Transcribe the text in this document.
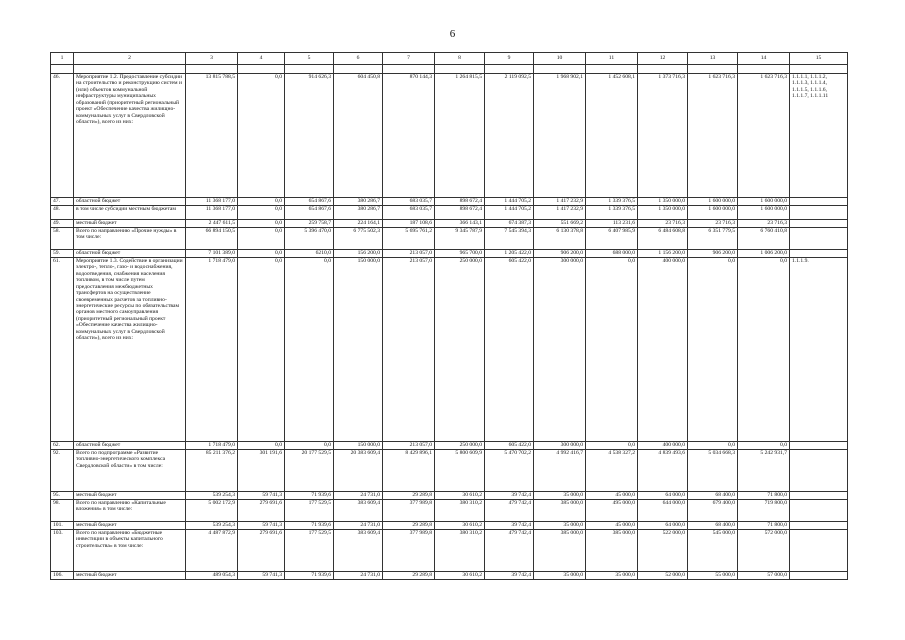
6
1	2	3	4	5	6	7	8	9	10	11	12	13	14	15

46.	Мероприятие 1.2. Предоставление субсидии на строительство и реконструкцию систем и (или) объектов коммунальной инфраструктуры муниципальных образований (приоритетный региональный проект «Обеспечение качества жилищно-коммунальных услуг в Свердловской области»), всего из них:	13 815 788,5	0,0	914 626,3	604 450,8	870 144,3	1 264 815,5	2 119 092,5	1 968 902,1	1 452 608,1	1 373 716,3	1 623 716,3	1 623 716,3	1.1.1.1, 1.1.1.2, 1.1.1.3, 1.1.1.4, 1.1.1.5, 1.1.1.6, 1.1.1.7, 1.1.1.11
47.	областной бюджет	11 368 177,0	0,0	654 867,6	380 286,7	683 035,7	898 672,4	1 444 705,2	1 417 232,9	1 339 376,5	1 350 000,0	1 600 000,0	1 600 000,0	
48.	в том числе субсидии местным бюджетам	11 368 177,0	0,0	654 867,6	380 286,7	683 035,7	898 672,4	1 444 705,2	1 417 232,9	1 339 376,5	1 350 000,0	1 600 000,0	1 600 000,0	
49.	местный бюджет	2 447 611,5	0,0	259 758,7	224 164,1	187 108,6	366 143,1	674 387,3	551 669,2	113 231,6	23 716,3	23 716,3	23 716,3	
58.	Всего по направлению «Прочие нужды» в том числе:	66 894 150,5	0,0	5 396 470,0	6 775 502,3	5 695 761,2	9 345 787,9	7 545 394,3	6 130 378,8	6 407 985,9	6 484 608,8	6 351 779,5	6 760 410,8	
59.	областной бюджет	7 101 389,0	0,0	6210,0	156 200,0	213 057,0	965 700,0	1 205 422,0	906 200,0	688 000,0	1 156 200,0	906 200,0	1 006 200,0	
61.	Мероприятие 1.3. Содействие в организации электро-, тепло-, газо- и водоснабжения, водоотведения, снабжения населения топливом, в том числе путем предоставления межбюджетных трансфертов на осуществление своевременных расчетов за топливно-энергетические ресурсы по обязательствам органов местного самоуправления (приоритетный региональный проект «Обеспечение качества жилищно-коммунальных услуг в Свердловской области»), всего из них:	1 718 479,0	0,0	0,0	150 000,0	213 057,0	250 000,0	605 422,0	300 000,0	0,0	400 000,0	0,0	0,0	1.1.1.9.
62.	областной бюджет	1 718 479,0	0,0	0,0	150 000,0	213 057,0	250 000,0	605 422,0	300 000,0	0,0	400 000,0	0,0	0,0	
92.	Всего по подпрограмме «Развитие топливно-энергетического комплекса Свердловской области» в том числе:	85 211 376,2	301 191,6	20 177 529,5	20 383 609,4	8 429 896,1	5 800 609,9	5 470 702,2	4 992 416,7	4 538 327,2	4 839 493,6	5 034 668,3	5 242 931,7	
95.	местный бюджет	539 254,3	59 741,3	71 939,6	24 731,0	29 289,8	30 610,2	39 742,4	35 000,0	45 000,0	64 000,0	68 400,0	71 800,0	
98.	Всего по направлению «Капитальные вложения» в том числе:	5 002 172,9	279 691,6	177 529,5	383 609,4	377 989,8	380 310,2	479 742,4	385 000,0	495 000,0	644 000,0	679 400,0	719 800,0	
101.	местный бюджет	539 254,3	59 741,3	71 939,6	24 731,0	29 289,8	30 610,2	39 742,4	35 000,0	45 000,0	64 000,0	68 400,0	71 800,0	
103.	Всего по направлению «Бюджетные инвестиции в объекты капитального строительства» в том числе:	4 487 872,9	279 691,6	177 529,5	383 609,4	377 989,8	380 310,2	479 742,4	385 000,0	385 000,0	522 000,0	545 000,0	572 000,0	
106.	местный бюджет	489 054,3	59 741,3	71 939,6	24 731,0	29 289,8	30 610,2	39 742,4	35 000,0	35 000,0	52 000,0	55 000,0	57 000,0	
